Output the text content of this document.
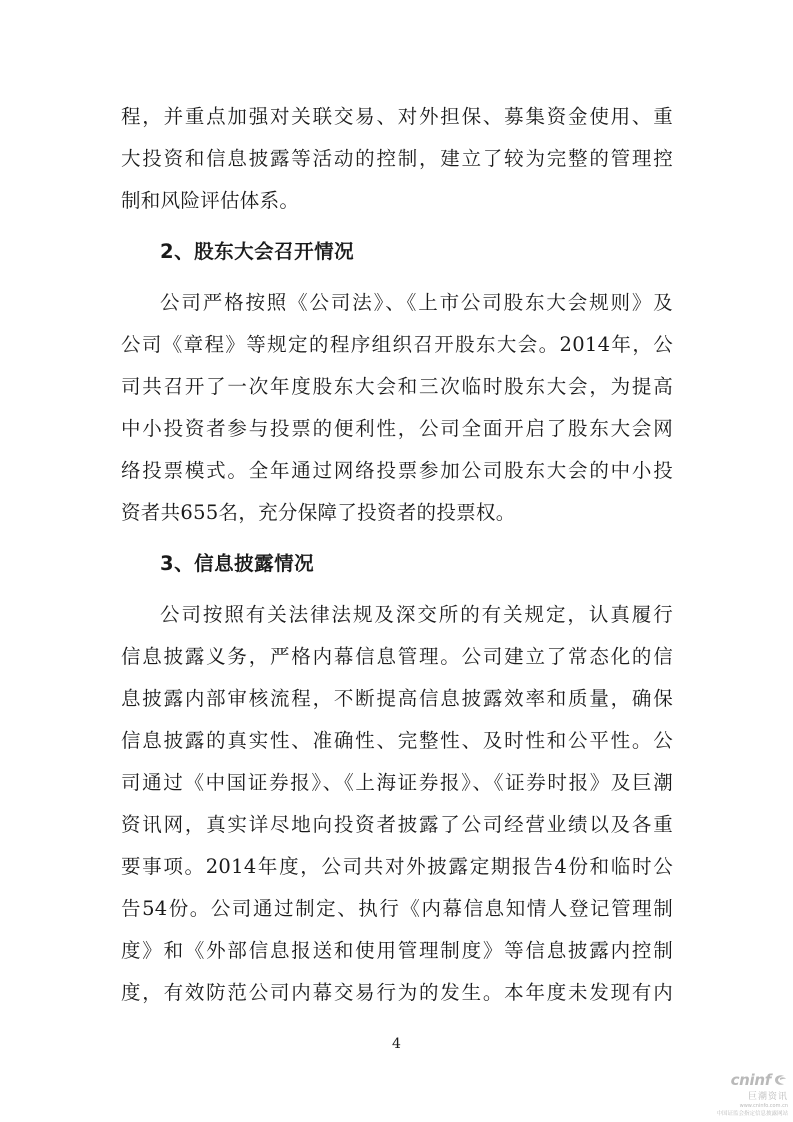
程，并重点加强对关联交易、对外担保、募集资金使用、重
大投资和信息披露等活动的控制，建立了较为完整的管理控
制和风险评估体系。
2、股东大会召开情况
公司严格按照《公司法》、《上市公司股东大会规则》及
公司《章程》等规定的程序组织召开股东大会。2014年，公
司共召开了一次年度股东大会和三次临时股东大会，为提高
中小投资者参与投票的便利性，公司全面开启了股东大会网
络投票模式。全年通过网络投票参加公司股东大会的中小投
资者共655名，充分保障了投资者的投票权。
3、信息披露情况
公司按照有关法律法规及深交所的有关规定，认真履行
信息披露义务，严格内幕信息管理。公司建立了常态化的信
息披露内部审核流程，不断提高信息披露效率和质量，确保
信息披露的真实性、准确性、完整性、及时性和公平性。公
司通过《中国证券报》、《上海证券报》、《证券时报》及巨潮
资讯网，真实详尽地向投资者披露了公司经营业绩以及各重
要事项。2014年度，公司共对外披露定期报告4份和临时公
告54份。公司通过制定、执行《内幕信息知情人登记管理制
度》和《外部信息报送和使用管理制度》等信息披露内控制
度，有效防范公司内幕交易行为的发生。本年度未发现有内
4
cninf
巨潮资讯
www.cninfo.com.cn
中国证监会指定信息披露网站
